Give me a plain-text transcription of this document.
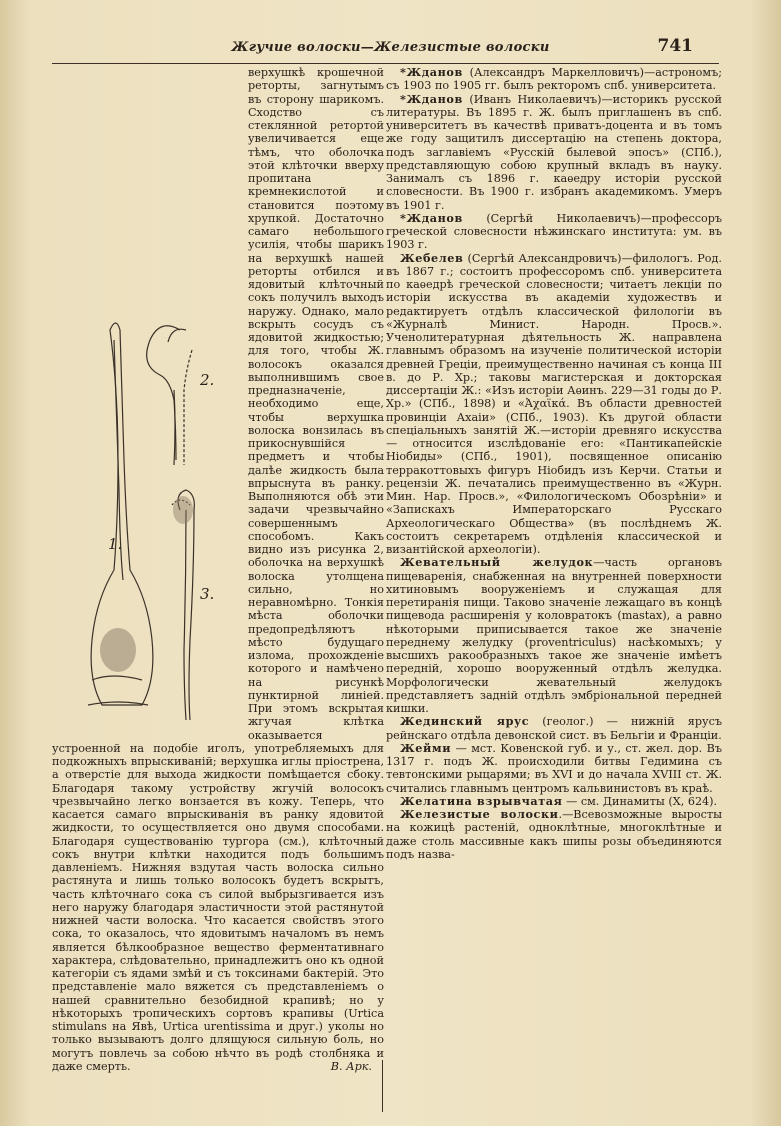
Жгучие волоски—Железистые волоски	741
1.
2.
3.

верхушкѣ крошечной реторты, загнутымъ въ сторону шарикомъ. Сходство съ стеклянной ретортой увеличивается еще тѣмъ, что оболочка этой клѣточки вверху пропитана кремнекислотой и становится поэтому хрупкой. Достаточно самаго небольшого усилія, чтобы шарикъ на верхушкѣ нашей реторты отбился и ядовитый клѣточный сокъ получилъ выходъ наружу. Однако, мало вскрыть сосудъ съ ядовитой жидкостью; для того, чтобы Ж. волосокъ оказался выполнившимъ свое предназначеніе, необходимо еще, чтобы верхушка волоска вонзилась въ прикоснувшійся предметъ и чтобы далѣе жидкость была впрыснута въ ранку. Выполняются обѣ эти задачи чрезвычайно совершеннымъ способомъ. Какъ видно изъ рисунка 2, оболочка на верхушкѣ волоска утолщена сильно, но неравномѣрно. Тонкія мѣста оболочки предопредѣляютъ мѣсто будущаго излома, прохожденіе которого и намѣчено на рисункѣ пунктирной линіей. При этомъ вскрытая жгучая клѣтка оказывается устроенной на подобіе иголъ, употребляемыхъ для подкожныхъ впрыскиваній; верхушка иглы пріострена, а отверстіе для выхода жидкости помѣщается сбоку. Благодаря такому устройству жгучій волосокъ чрезвычайно легко вонзается въ кожу. Теперь, что касается самаго впрыскиванія въ ранку ядовитой жидкости, то осуществляется оно двумя способами. Благодаря существованію тургора (см.), клѣточный сокъ внутри клѣтки находится подъ большимъ давленіемъ. Нижняя вздутая часть волоска сильно растянута и лишь только волосокъ будетъ вскрытъ, часть клѣточнаго сока съ силой выбрызгивается изъ него наружу благодаря эластичности этой растянутой нижней части волоска. Что касается свойствъ этого сока, то оказалось, что ядовитымъ началомъ въ немъ является бѣлкообразное вещество ферментативнаго характера, слѣдовательно, принадлежитъ оно къ одной категоріи съ ядами змѣй и съ токсинами бактерій. Это представленіе мало вяжется съ представленіемъ о нашей сравнительно безобидной крапивѣ; но у нѣкоторыхъ тропическихъ сортовъ крапивы (Urtica stimulans на Явѣ, Urtica urentissima и друг.) уколы но только вызываютъ долго длящуюся сильную боль, но могутъ повлечь за собою нѣчто въ родѣ столбняка и даже смерть.	В. Арк.

*Жданов (Александръ Маркелловичъ)—астрономъ; съ 1903 по 1905 гг. былъ ректоромъ спб. университета.

*Жданов (Иванъ Николаевичъ)—историкъ русской литературы. Въ 1895 г. Ж. былъ приглашенъ въ спб. университетъ въ качествѣ приватъ-доцента и въ томъ же году защитилъ диссертацію на степень доктора, подъ заглавіемъ «Русскій былевой эпосъ» (СПб.), представляющую собою крупный вкладъ въ науку. Занималъ съ 1896 г. каѳедру исторіи русской словесности. Въ 1900 г. избранъ академикомъ. Умеръ въ 1901 г.

*Жданов (Сергѣй Николаевичъ)—профессоръ греческой словесности нѣжинскаго института: ум. въ 1903 г.

Жебелев (Сергѣй Александровичъ)—филологъ. Род. въ 1867 г.; состоитъ профессоромъ спб. университета по каѳедрѣ греческой словесности; читаетъ лекціи по исторіи искусства въ академіи художествъ и редактируетъ отдѣлъ классической филологіи въ «Журналѣ Минист. Народн. Просв.». Ученолитературная дѣятельность Ж. направлена главнымъ образомъ на изученіе политической исторіи древней Греціи, преимущественно начиная съ конца III в. до Р. Хр.; таковы магистерская и докторская диссертаціи Ж.: «Изъ исторіи Аѳинъ. 229—31 годы до Р. Хр.» (СПб., 1898) и «Ἀχαϊκά. Въ области древностей провинціи Ахаіи» (СПб., 1903). Къ другой области спеціальныхъ занятій Ж.—исторіи древняго искусства — относится изслѣдованіе его: «Пантикапейскіе Ніобиды» (СПб., 1901), посвященное описанію терракоттовыхъ фигуръ Ніобидъ изъ Керчи. Статьи и рецензіи Ж. печатались преимущественно въ «Журн. Мин. Нар. Просв.», «Филологическомъ Обозрѣніи» и «Запискахъ Императорскаго Русскаго Археологическаго Общества» (въ послѣднемъ Ж. состоитъ секретаремъ отдѣленія классической и византійской археологіи).

Жевательный желудок—часть органовъ пищеваренія, снабженная на внутренней поверхности хитиновымъ вооруженіемъ и служащая для перетиранія пищи. Таково значеніе лежащаго въ концѣ пищевода расширенія у коловратокъ (mastax), а равно нѣкоторыми приписывается такое же значеніе переднему желудку (proventriculus) насѣкомыхъ; у высшихъ ракообразныхъ такое же значеніе имѣетъ передній, хорошо вооруженный отдѣлъ желудка. Морфологически жевательный желудокъ представляетъ задній отдѣлъ эмбріональной передней кишки.

Жединский ярус (геолог.) — нижній ярусъ рейнскаго отдѣла девонской сист. въ Бельгіи и Франціи.

Жейми — мст. Ковенской губ. и у., ст. жел. дор. Въ 1317 г. подъ Ж. происходили битвы Гедимина съ тевтонскими рыцарями; въ XVI и до начала XVIII ст. Ж. считались главнымъ центромъ кальвинистовъ въ краѣ.

Желатина взрывчатая — см. Динамиты (X, 624).

Железистые волоски.—Всевозможные выросты на кожицѣ растеній, одноклѣтные, многоклѣтные и даже столь массивные какъ шипы розы объединяются подъ назва-
